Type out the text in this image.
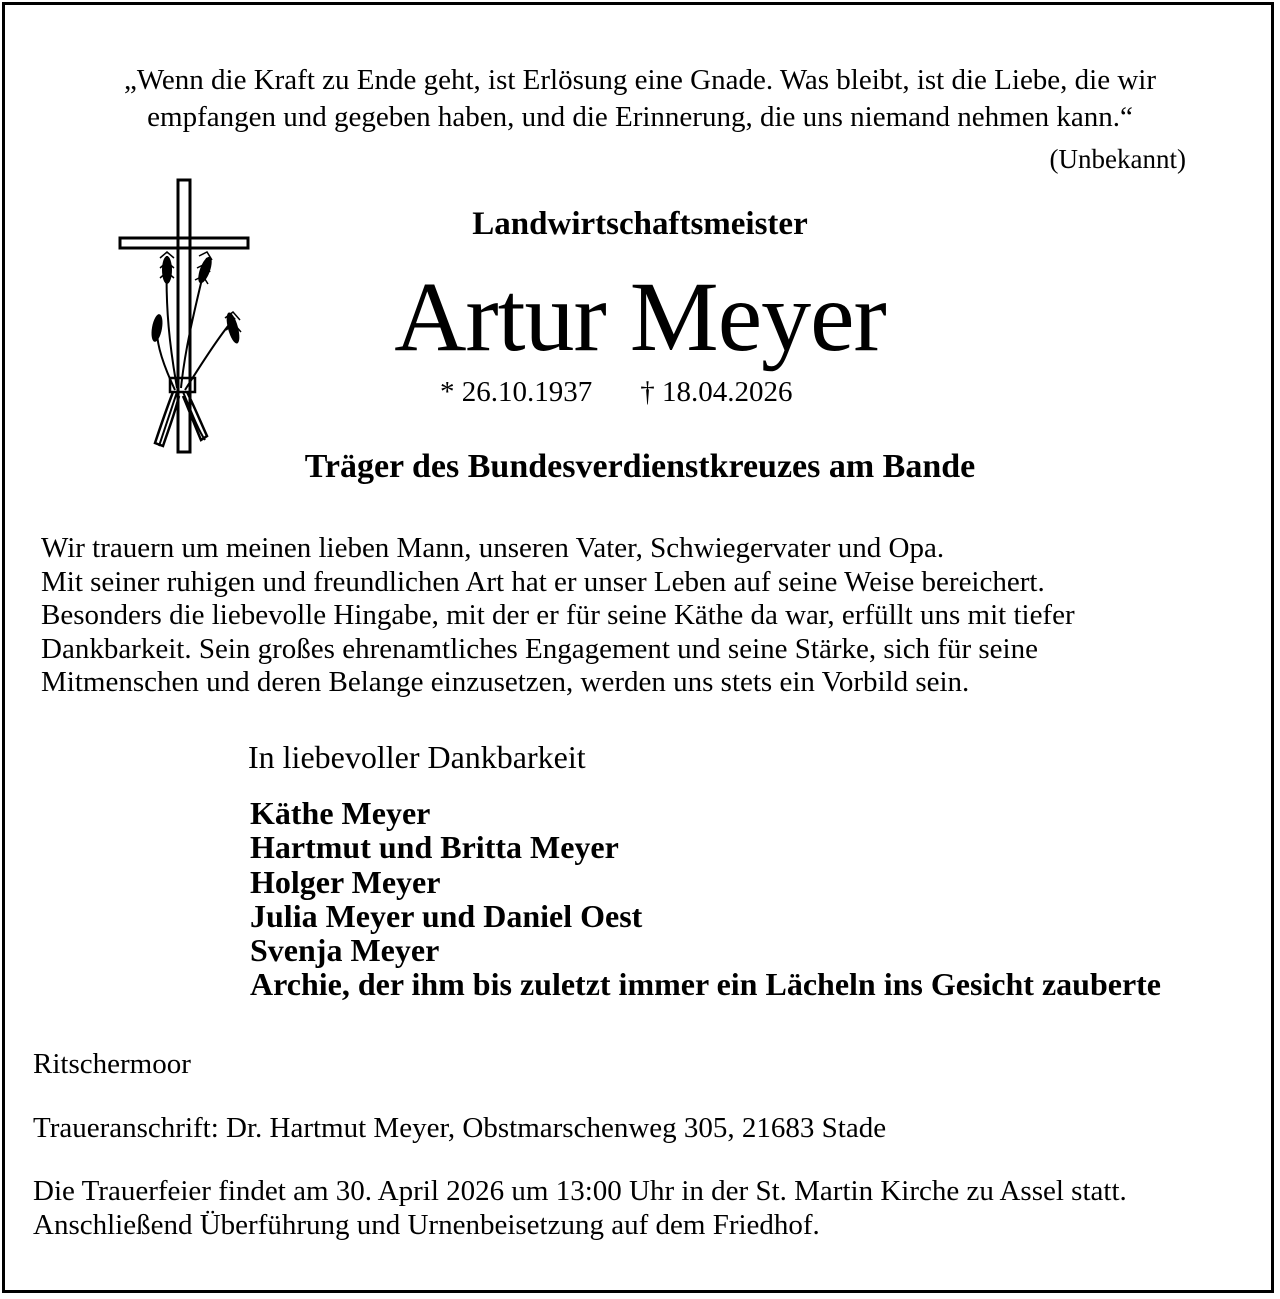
„Wenn die Kraft zu Ende geht, ist Erlösung eine Gnade. Was bleibt, ist die Liebe, die wir
empfangen und gegeben haben, und die Erinnerung, die uns niemand nehmen kann.“
(Unbekannt)
Landwirtschaftsmeister
Artur Meyer
* 26.10.1937 † 18.04.2026
Träger des Bundesverdienstkreuzes am Bande
Wir trauern um meinen lieben Mann, unseren Vater, Schwiegervater und Opa.
Mit seiner ruhigen und freundlichen Art hat er unser Leben auf seine Weise bereichert.
Besonders die liebevolle Hingabe, mit der er für seine Käthe da war, erfüllt uns mit tiefer
Dankbarkeit. Sein großes ehrenamtliches Engagement und seine Stärke, sich für seine
Mitmenschen und deren Belange einzusetzen, werden uns stets ein Vorbild sein.
In liebevoller Dankbarkeit
Käthe Meyer
Hartmut und Britta Meyer
Holger Meyer
Julia Meyer und Daniel Oest
Svenja Meyer
Archie, der ihm bis zuletzt immer ein Lächeln ins Gesicht zauberte
Ritschermoor
Traueranschrift: Dr. Hartmut Meyer, Obstmarschenweg 305, 21683 Stade
Die Trauerfeier findet am 30. April 2026 um 13:00 Uhr in der St. Martin Kirche zu Assel statt.
Anschließend Überführung und Urnenbeisetzung auf dem Friedhof.
